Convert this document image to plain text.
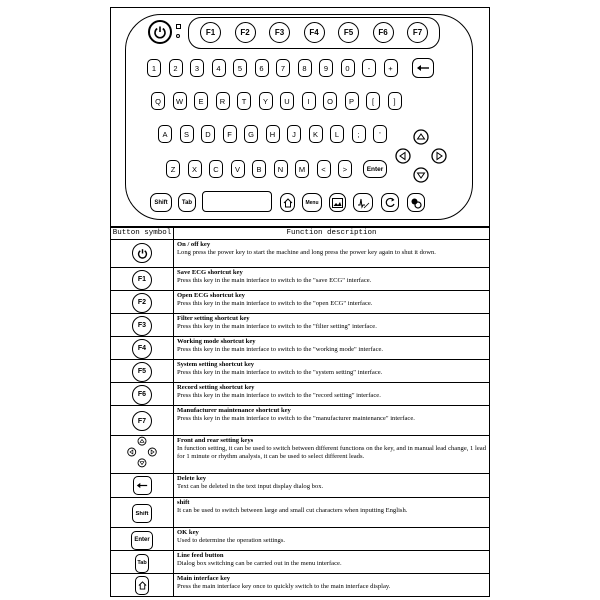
F1	F2	F3	F4	F5	F6	F7
1	2	3	4	5	6	7	8	9	0	-	+
Q	W	E	R	T	Y	U	I	O	P	[	]
A	S	D	F	G	H	J	K	L	;	'
Z	X	C	V	B	N	M	<	>	Enter
Shift	Tab	Menu
Button symbol	Function description

On / off key
Long press the power key to start the machine and long press the power key again to shut it down.

F1	Save ECG shortcut key
Press this key in the main interface to switch to the "save ECG" interface.

F2	Open ECG shortcut key
Press this key in the main interface to switch to the "open ECG" interface.

F3	Filter setting shortcut key
Press this key in the main interface to switch to the "filter setting" interface.

F4	Working mode shortcut key
Press this key in the main interface to switch to the "working mode" interface.

F5	System setting shortcut key
Press this key in the main interface to switch to the "system setting" interface.

F6	Record setting shortcut key
Press this key in the main interface to switch to the "record setting" interface.

F7	Manufacturer maintenance shortcut key
Press this key in the main interface to switch to the "manufacturer maintenance" interface.

Front and rear setting keys
In function setting, it can be used to switch between different functions on the key, and in manual lead change, 1 lead for 1 minute or rhythm analysis, it can be used to select different leads.

Delete key
Text can be deleted in the text input display dialog box.

Shift	shift
It can be used to switch between large and small cut characters when inputting English.

Enter	OK key
Used to determine the operation settings.

Tab	Line feed button
Dialog box switching can be carried out in the menu interface.

Main interface key
Press the main interface key once to quickly switch to the main interface display.
